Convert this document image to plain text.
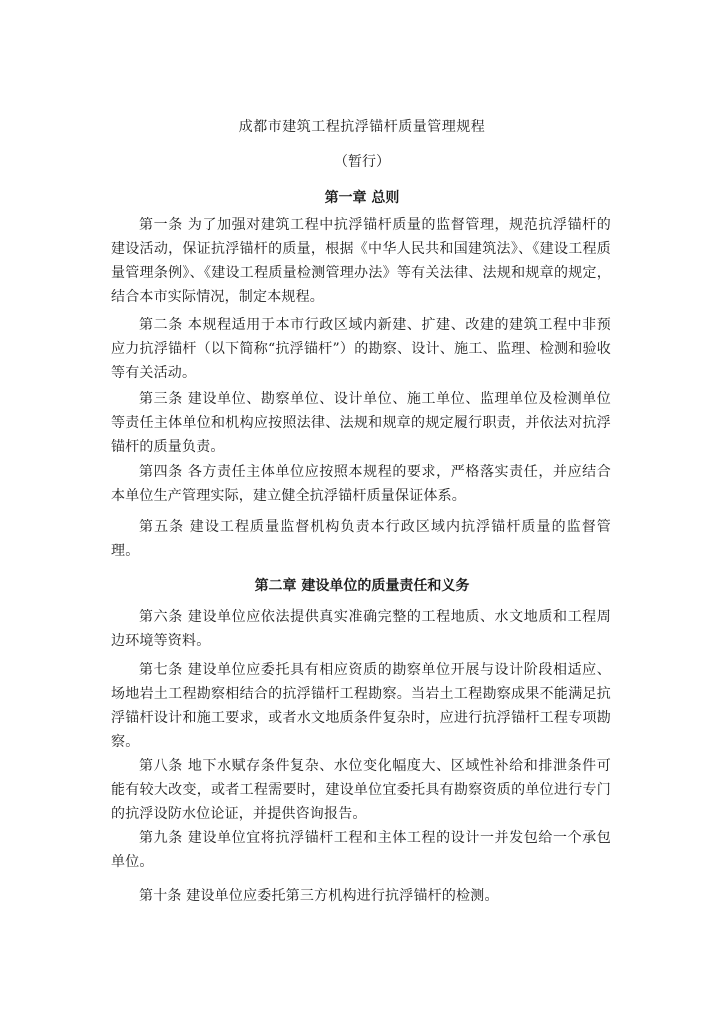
成都市建筑工程抗浮锚杆质量管理规程
（暂行）
第一章 总则

第一条 为了加强对建筑工程中抗浮锚杆质量的监督管理，规范抗浮锚杆的建设活动，保证抗浮锚杆的质量，根据《中华人民共和国建筑法》、《建设工程质量管理条例》、《建设工程质量检测管理办法》等有关法律、法规和规章的规定，结合本市实际情况，制定本规程。

第二条 本规程适用于本市行政区域内新建、扩建、改建的建筑工程中非预应力抗浮锚杆（以下简称“抗浮锚杆”）的勘察、设计、施工、监理、检测和验收等有关活动。

第三条 建设单位、勘察单位、设计单位、施工单位、监理单位及检测单位等责任主体单位和机构应按照法律、法规和规章的规定履行职责，并依法对抗浮锚杆的质量负责。

第四条 各方责任主体单位应按照本规程的要求，严格落实责任，并应结合本单位生产管理实际，建立健全抗浮锚杆质量保证体系。

第五条 建设工程质量监督机构负责本行政区域内抗浮锚杆质量的监督管理。

第二章 建设单位的质量责任和义务

第六条 建设单位应依法提供真实准确完整的工程地质、水文地质和工程周边环境等资料。

第七条 建设单位应委托具有相应资质的勘察单位开展与设计阶段相适应、场地岩土工程勘察相结合的抗浮锚杆工程勘察。当岩土工程勘察成果不能满足抗浮锚杆设计和施工要求，或者水文地质条件复杂时，应进行抗浮锚杆工程专项勘察。

第八条 地下水赋存条件复杂、水位变化幅度大、区域性补给和排泄条件可能有较大改变，或者工程需要时，建设单位宜委托具有勘察资质的单位进行专门的抗浮设防水位论证，并提供咨询报告。

第九条 建设单位宜将抗浮锚杆工程和主体工程的设计一并发包给一个承包单位。

第十条 建设单位应委托第三方机构进行抗浮锚杆的检测。
